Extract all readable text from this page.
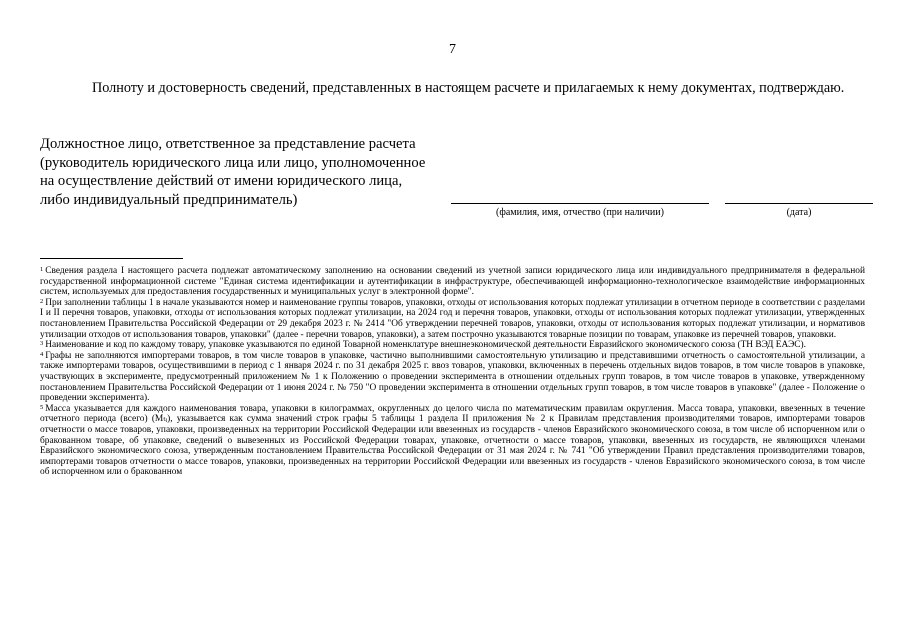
7
Полноту и достоверность сведений, представленных в настоящем расчете и прилагаемых к нему документах, подтверждаю.
Должностное лицо, ответственное за представление расчета
(руководитель юридического лица или лицо, уполномоченное
на осуществление действий от имени юридического лица,
либо индивидуальный предприниматель)
(фамилия, имя, отчество (при наличии)	(дата)

$^1$ Сведения раздела I настоящего расчета подлежат автоматическому заполнению на основании сведений из учетной записи юридического лица или индивидуального предпринимателя в федеральной государственной информационной системе "Единая система идентификации и аутентификации в инфраструктуре, обеспечивающей информационно-технологическое взаимодействие информационных систем, используемых для предоставления государственных и муниципальных услуг в электронной форме".

$^2$ При заполнении таблицы 1 в начале указываются номер и наименование группы товаров, упаковки, отходы от использования которых подлежат утилизации в отчетном периоде в соответствии с разделами I и II перечня товаров, упаковки, отходы от использования которых подлежат утилизации, на 2024 год и перечня товаров, упаковки, отходы от использования которых подлежат утилизации, утвержденных постановлением Правительства Российской Федерации от 29 декабря 2023 г. № 2414 "Об утверждении перечней товаров, упаковки, отходы от использования которых подлежат утилизации, и нормативов утилизации отходов от использования товаров, упаковки" (далее - перечни товаров, упаковки), а затем построчно указываются товарные позиции по товарам, упаковке из перечней товаров, упаковки.

$^3$ Наименование и код по каждому товару, упаковке указываются по единой Товарной номенклатуре внешнеэкономической деятельности Евразийского экономического союза (ТН ВЭД ЕАЭС).

$^4$ Графы не заполняются импортерами товаров, в том числе товаров в упаковке, частично выполнившими самостоятельную утилизацию и представившими отчетность о самостоятельной утилизации, а также импортерами товаров, осуществившими в период с 1 января 2024 г. по 31 декабря 2025 г. ввоз товаров, упаковки, включенных в перечень отдельных видов товаров, в том числе товаров в упаковке, участвующих в эксперименте, предусмотренный приложением № 1 к Положению о проведении эксперимента в отношении отдельных групп товаров, в том числе товаров в упаковке, утвержденному постановлением Правительства Российской Федерации от 1 июня 2024 г. № 750 "О проведении эксперимента в отношении отдельных групп товаров, в том числе товаров в упаковке" (далее - Положение о проведении эксперимента).

$^5$ Масса указывается для каждого наименования товара, упаковки в килограммах, округленных до целого числа по математическим правилам округления. Масса товара, упаковки, ввезенных в течение отчетного периода (всего) (Мₜᵢ), указывается как сумма значений строк графы 5 таблицы 1 раздела II приложения № 2 к Правилам представления производителями товаров, импортерами товаров отчетности о массе товаров, упаковки, произведенных на территории Российской Федерации или ввезенных из государств - членов Евразийского экономического союза, в том числе об испорченном или о бракованном товаре, об упаковке, сведений о вывезенных из Российской Федерации товарах, упаковке, отчетности о массе товаров, упаковки, ввезенных из государств, не являющихся членами Евразийского экономического союза, утвержденным постановлением Правительства Российской Федерации от 31 мая 2024 г. № 741 "Об утверждении Правил представления производителями товаров, импортерами товаров отчетности о массе товаров, упаковки, произведенных на территории Российской Федерации или ввезенных из государств - членов Евразийского экономического союза, в том числе об испорченном или о бракованном
